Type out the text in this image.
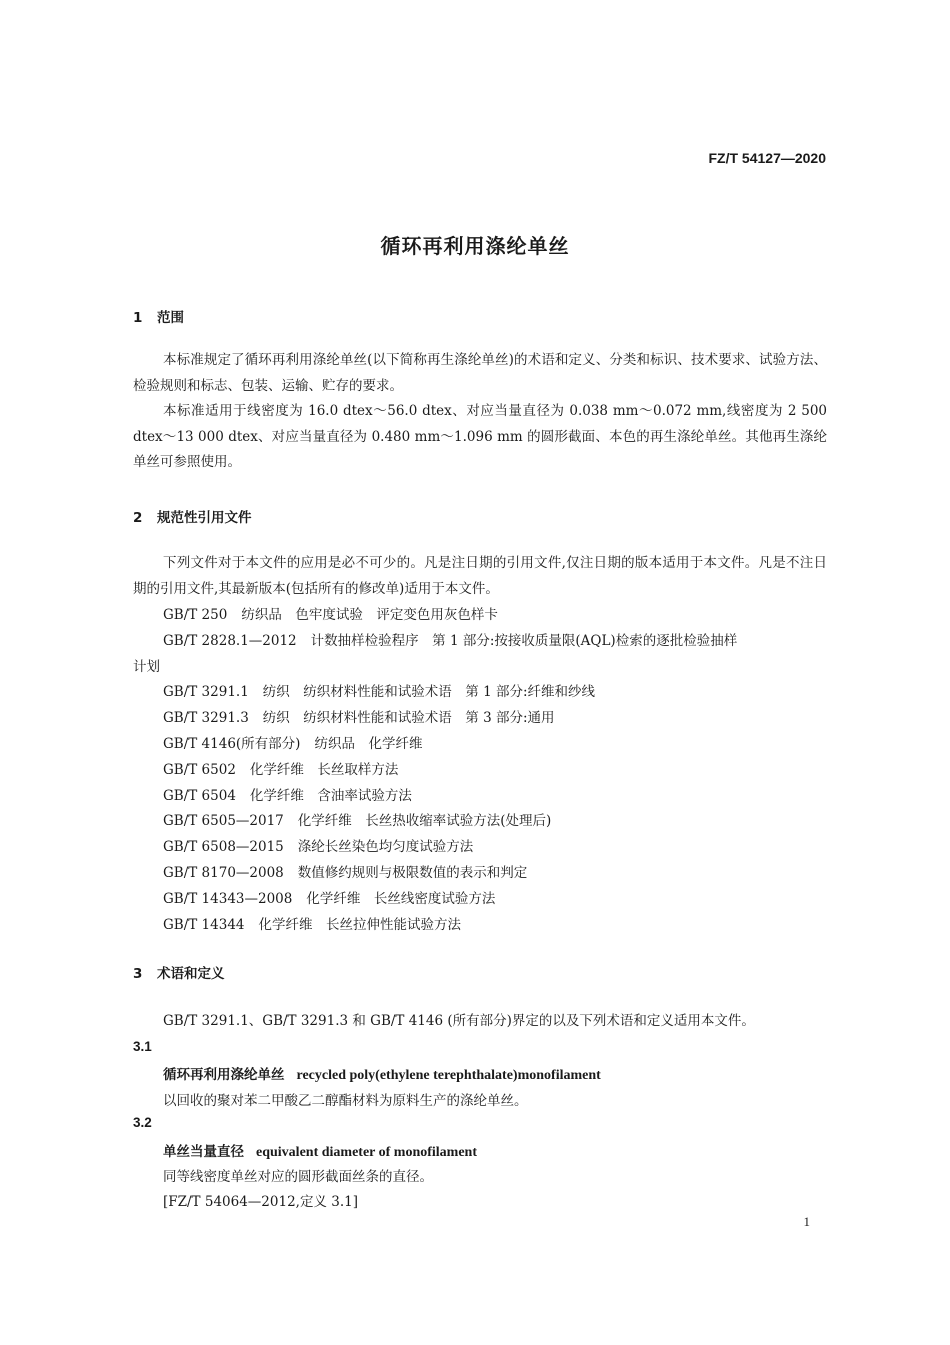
FZ/T 54127—2020
循环再利用涤纶单丝
1 范围
本标准规定了循环再利用涤纶单丝(以下简称再生涤纶单丝)的术语和定义、分类和标识、技术要求、试验方法、检验规则和标志、包装、运输、贮存的要求。
本标准适用于线密度为 16.0 dtex～56.0 dtex、对应当量直径为 0.038 mm～0.072 mm,线密度为 2 500 dtex～13 000 dtex、对应当量直径为 0.480 mm～1.096 mm 的圆形截面、本色的再生涤纶单丝。其他再生涤纶单丝可参照使用。
2 规范性引用文件
下列文件对于本文件的应用是必不可少的。凡是注日期的引用文件,仅注日期的版本适用于本文件。凡是不注日期的引用文件,其最新版本(包括所有的修改单)适用于本文件。
GB/T 250 纺织品　色牢度试验　评定变色用灰色样卡
GB/T 2828.1—2012 计数抽样检验程序　第 1 部分:按接收质量限(AQL)检索的逐批检验抽样
计划
GB/T 3291.1 纺织　纺织材料性能和试验术语　第 1 部分:纤维和纱线
GB/T 3291.3 纺织　纺织材料性能和试验术语　第 3 部分:通用
GB/T 4146(所有部分) 纺织品　化学纤维
GB/T 6502 化学纤维　长丝取样方法
GB/T 6504 化学纤维　含油率试验方法
GB/T 6505—2017 化学纤维　长丝热收缩率试验方法(处理后)
GB/T 6508—2015 涤纶长丝染色均匀度试验方法
GB/T 8170—2008 数值修约规则与极限数值的表示和判定
GB/T 14343—2008 化学纤维　长丝线密度试验方法
GB/T 14344 化学纤维　长丝拉伸性能试验方法
3 术语和定义
GB/T 3291.1、GB/T 3291.3 和 GB/T 4146 (所有部分)界定的以及下列术语和定义适用本文件。
3.1
循环再利用涤纶单丝 recycled poly(ethylene terephthalate)monofilament
以回收的聚对苯二甲酸乙二醇酯材料为原料生产的涤纶单丝。
3.2
单丝当量直径 equivalent diameter of monofilament
同等线密度单丝对应的圆形截面丝条的直径。
[FZ/T 54064—2012,定义 3.1]
1
